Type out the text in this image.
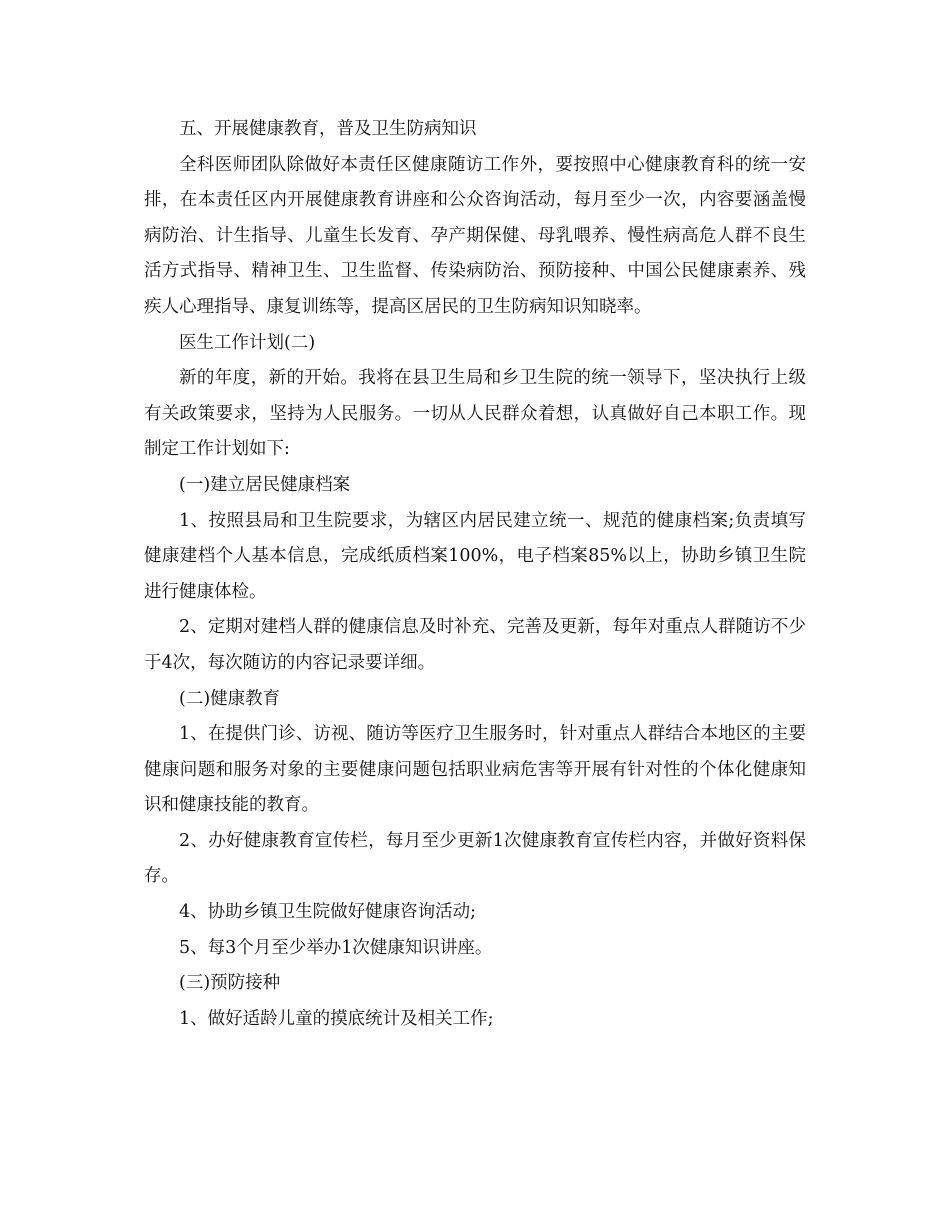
五、开展健康教育，普及卫生防病知识

全科医师团队除做好本责任区健康随访工作外，要按照中心健康教育科的统一安排，在本责任区内开展健康教育讲座和公众咨询活动，每月至少一次，内容要涵盖慢病防治、计生指导、儿童生长发育、孕产期保健、母乳喂养、慢性病高危人群不良生活方式指导、精神卫生、卫生监督、传染病防治、预防接种、中国公民健康素养、残疾人心理指导、康复训练等，提高区居民的卫生防病知识知晓率。

医生工作计划(二)

新的年度，新的开始。我将在县卫生局和乡卫生院的统一领导下，坚决执行上级有关政策要求，坚持为人民服务。一切从人民群众着想，认真做好自己本职工作。现制定工作计划如下:

(一)建立居民健康档案

1、按照县局和卫生院要求，为辖区内居民建立统一、规范的健康档案;负责填写健康建档个人基本信息，完成纸质档案100%，电子档案85%以上，协助乡镇卫生院进行健康体检。

2、定期对建档人群的健康信息及时补充、完善及更新，每年对重点人群随访不少于4次，每次随访的内容记录要详细。

(二)健康教育

1、在提供门诊、访视、随访等医疗卫生服务时，针对重点人群结合本地区的主要健康问题和服务对象的主要健康问题包括职业病危害等开展有针对性的个体化健康知识和健康技能的教育。

2、办好健康教育宣传栏，每月至少更新1次健康教育宣传栏内容，并做好资料保存。

4、协助乡镇卫生院做好健康咨询活动;

5、每3个月至少举办1次健康知识讲座。

(三)预防接种

1、做好适龄儿童的摸底统计及相关工作;
